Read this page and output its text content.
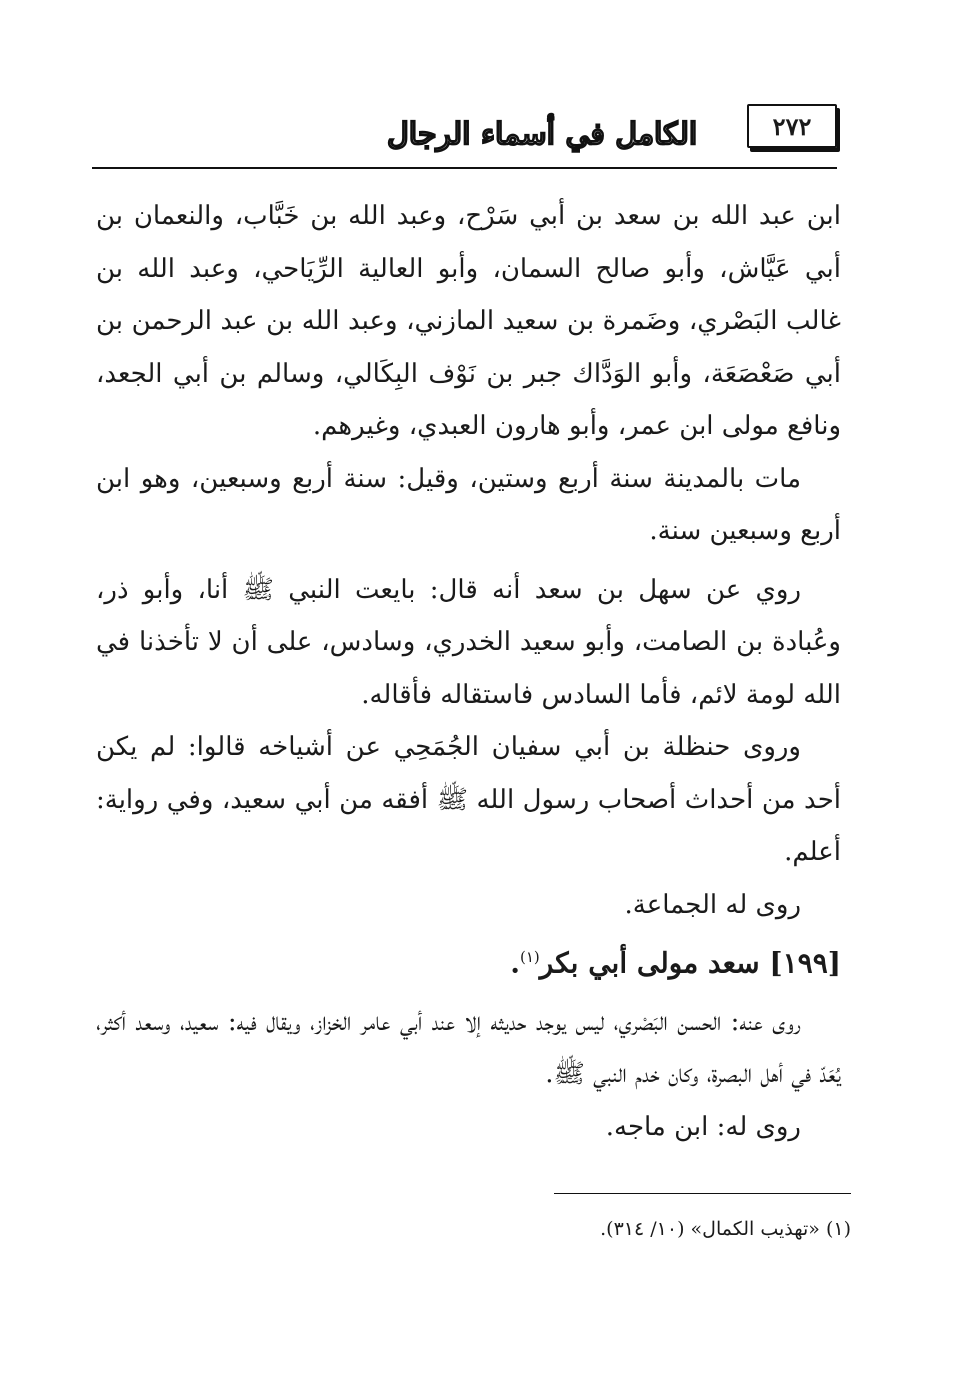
الكامل في أسماء الرجال	٢٧٢

ابن عبد الله بن سعد بن أبي سَرْح، وعبد الله بن خَبَّاب، والنعمان بن أبي عَيَّاش، وأبو صالح السمان، وأبو العالية الرِّيَاحي، وعبد الله بن غالب البَصْري، وضَمرة بن سعيد المازني، وعبد الله بن عبد الرحمن بن أبي صَعْصَعَة، وأبو الوَدَّاك جبر بن نَوْف البِكَالي، وسالم بن أبي الجعد، ونافع مولى ابن عمر، وأبو هارون العبدي، وغيرهم.

مات بالمدينة سنة أربع وستين، وقيل: سنة أربع وسبعين، وهو ابن أربع وسبعين سنة.

روي عن سهل بن سعد أنه قال: بايعت النبي ﷺ أنا، وأبو ذر، وعُبادة بن الصامت، وأبو سعيد الخدري، وسادس، على أن لا تأخذنا في الله لومة لائم، فأما السادس فاستقاله فأقاله.

وروى حنظلة بن أبي سفيان الجُمَحِي عن أشياخه قالوا: لم يكن أحد من أحداث أصحاب رسول الله ﷺ أفقه من أبي سعيد، وفي رواية: أعلم.

روى له الجماعة.

[١٩٩] سعد مولى أبي بكر$^{(١)}$.

روى عنه: الحسن البَصْري، ليس يوجد حديثه إلا عند أبي عامر الخزاز، ويقال فيه: سعيد، وسعد أكثر، يُعَدّ في أهل البصرة، وكان خدم النبي ﷺ.

روى له: ابن ماجه.

(١) «تهذيب الكمال» (١٠/ ٣١٤).
